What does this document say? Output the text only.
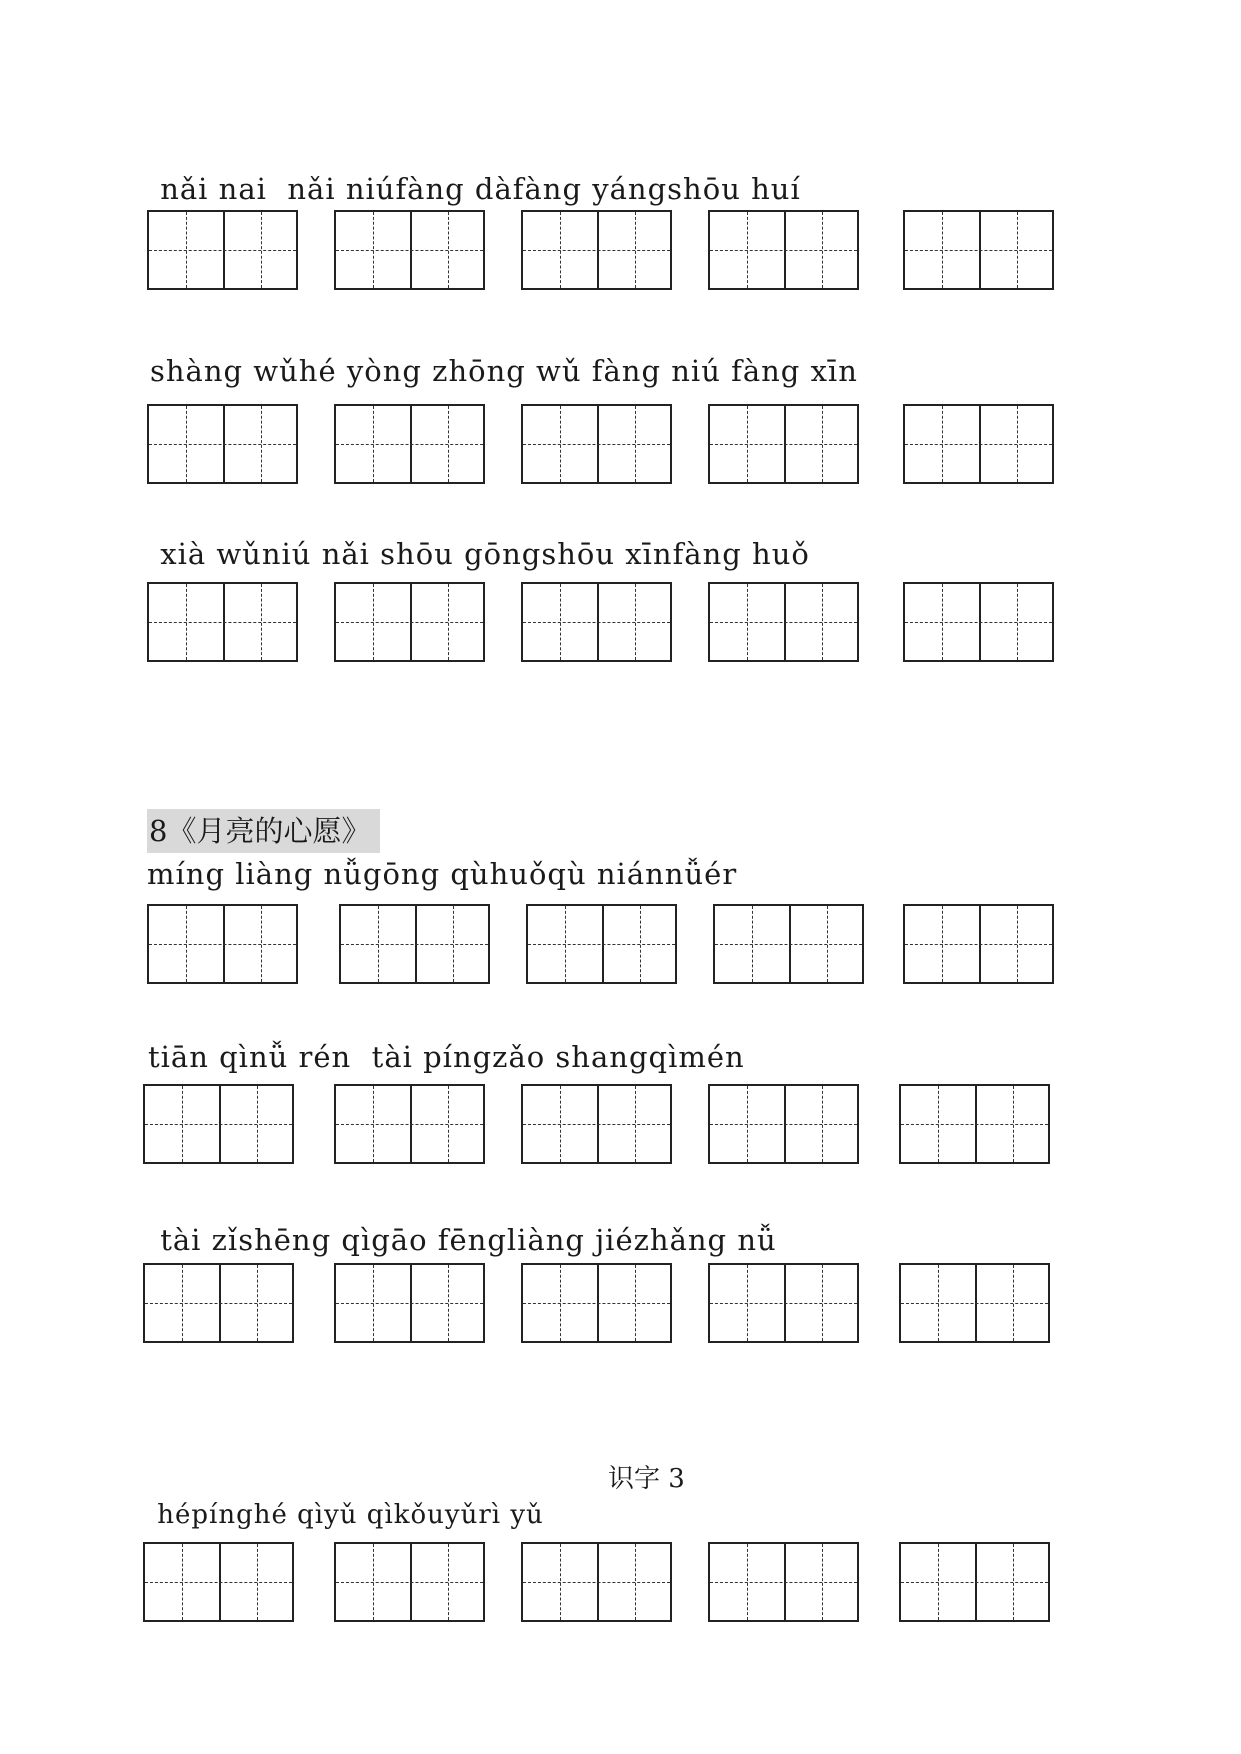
nǎi nai  nǎi niúfàng dàfàng yángshōu huí
shàng wǔhé yòng zhōng wǔ fàng niú fàng xīn
xià wǔniú nǎi shōu gōngshōu xīnfàng huǒ
8《月亮的心愿》
míng liàng nǚgōng qùhuǒqù niánnǚér
tiān qìnǚ rén  tài píngzǎo shangqìmén
tài zǐshēng qìgāo fēngliàng jiézhǎng nǚ
识字 3
hépínghé qìyǔ qìkǒuyǔrì yǔ
